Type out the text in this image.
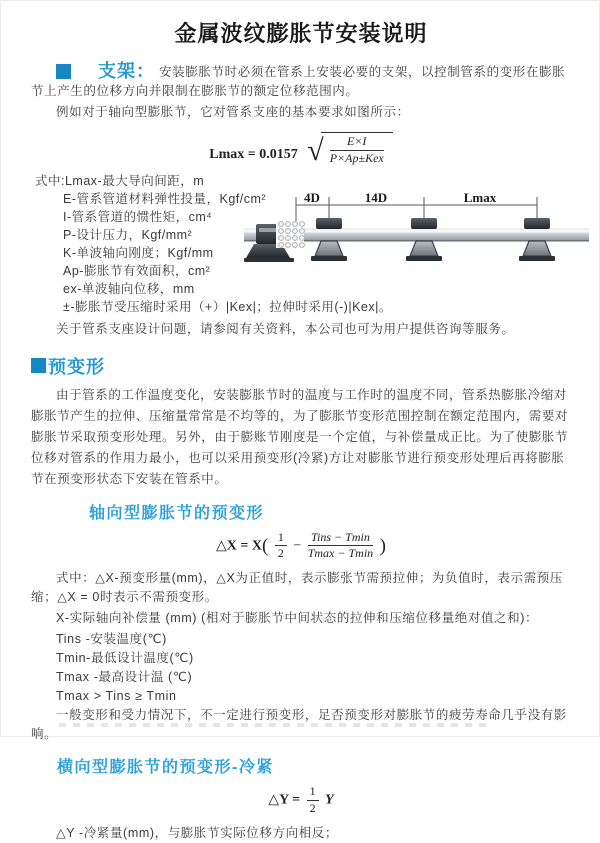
金属波纹膨胀节安装说明

支架： 安装膨胀节时必须在管系上安装必要的支架，以控制管系的变形在膨胀节上产生的位移方向并限制在膨胀节的额定位移范围内。

例如对于轴向型膨胀节，它对管系支座的基本要求如图所示：

Lmax = 0.0157 √ $\frac{E\times I}{\text{P×Ap±Kex}}$
式中:Lmax-最大导向间距，m
E-管系管道材料弹性投量，Kgf/cm²
I-管系管道的惯性矩，cm⁴
P-设计压力，Kgf/mm²
K-单波轴向刚度；Kgf/mm
Ap-膨胀节有效面积，cm²
ex-单波轴向位移，mm
±-膨胀节受压缩时采用（+）|Kex|；拉伸时采用(-)|Kex|。

关于管系支座设计问题，请参阅有关资料，本公司也可为用户提供咨询等服务。

4D	14D	Lmax
预变形

由于管系的工作温度变化，安装膨胀节时的温度与工作时的温度不同，管系热膨胀冷缩对膨胀节产生的拉伸、压缩量常常是不均等的，为了膨胀节变形范围控制在额定范围内，需要对膨胀节采取预变形处理。另外，由于膨账节刚度是一个定值，与补偿量成正比。为了使膨胀节位移对管系的作用力最小，也可以采用预变形(冷紧)方让对膨胀节进行预变形处理后再将膨胀节在预变形状态下安装在管系中。

轴向型膨胀节的预变形
△X = $X( \frac{1}{2} - \frac{\text{Tins − Tmin}}{Tmax - Tmin}$ )

式中：△X-预变形量(mm)，△X为正值时，表示膨张节需预拉伸；为负值时，表示需预压缩；△X = 0时表示不需预变形。

X-实际轴向补偿量 (mm) (相对于膨胀节中间状态的拉伸和压缩位移量绝对值之和)：

Tins -安装温度(℃)
Tmin-最低设计温度(℃)
Tmax -最高设计温 (℃)
Tmax > Tins ≥ Tmin

一般变形和受力情况下，不一定进行预变形，足否预变形对膨胀节的疲劳寿命几乎没有影响。

横向型膨胀节的预变形-冷紧
△Y = $\frac{1}{2}$ Y

△Y -冷紧量(mm)，与膨胀节实际位移方向相反；
